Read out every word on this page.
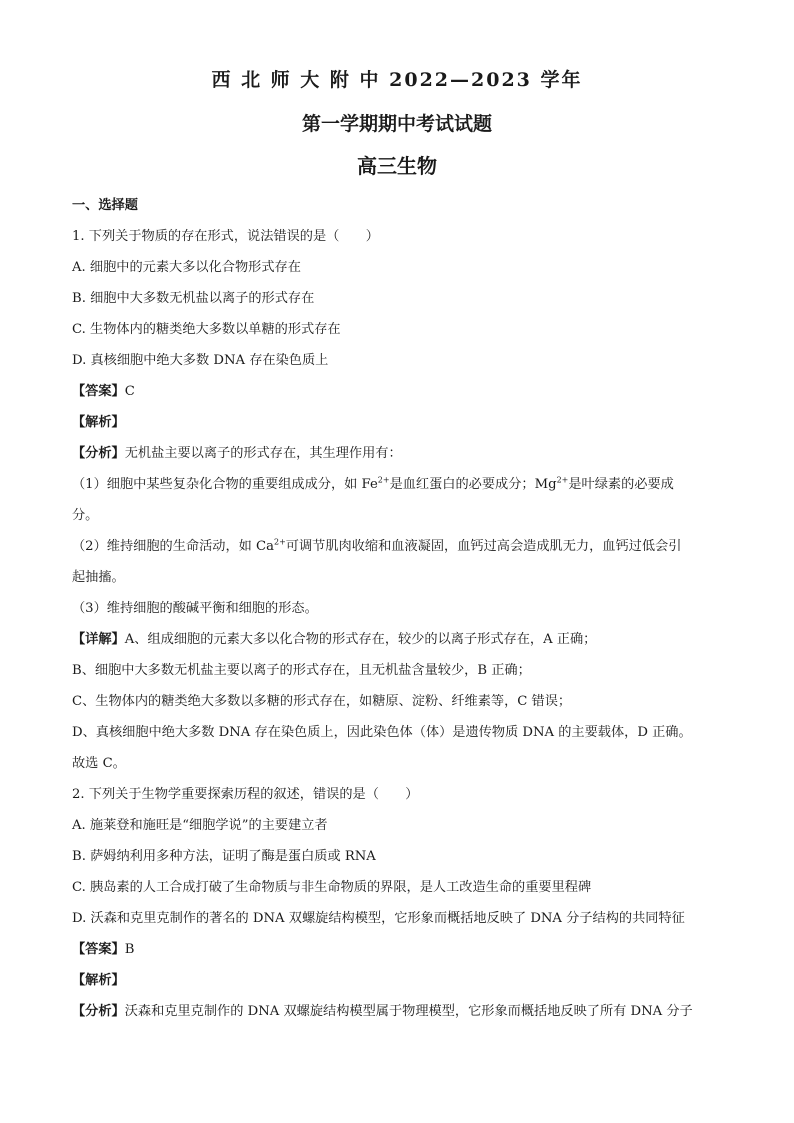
西 北 师 大 附 中 2022—2023 学年
第一学期期中考试试题
高三生物
一、选择题
1. 下列关于物质的存在形式，说法错误的是（　　）
A. 细胞中的元素大多以化合物形式存在
B. 细胞中大多数无机盐以离子的形式存在
C. 生物体内的糖类绝大多数以单糖的形式存在
D. 真核细胞中绝大多数 DNA 存在染色质上
【答案】C
【解析】
【分析】无机盐主要以离子的形式存在，其生理作用有：
（1）细胞中某些复杂化合物的重要组成成分，如 $Fe^{2+}$是血红蛋白的必要成分；$Mg^{2+}$是叶绿素的必要成
分。
（2）维持细胞的生命活动，如 $Ca^{2+}$可调节肌肉收缩和血液凝固，血钙过高会造成肌无力，血钙过低会引
起抽搐。
（3）维持细胞的酸碱平衡和细胞的形态。
【详解】A、组成细胞的元素大多以化合物的形式存在，较少的以离子形式存在，A 正确；
B、细胞中大多数无机盐主要以离子的形式存在，且无机盐含量较少，B 正确；
C、生物体内的糖类绝大多数以多糖的形式存在，如糖原、淀粉、纤维素等，C 错误；
D、真核细胞中绝大多数 DNA 存在染色质上，因此染色体（体）是遗传物质 DNA 的主要载体，D 正确。
故选 C。
2. 下列关于生物学重要探索历程的叙述，错误的是（　　）
A. 施莱登和施旺是“细胞学说”的主要建立者
B. 萨姆纳利用多种方法，证明了酶是蛋白质或 RNA
C. 胰岛素的人工合成打破了生命物质与非生命物质的界限，是人工改造生命的重要里程碑
D. 沃森和克里克制作的著名的 DNA 双螺旋结构模型，它形象而概括地反映了 DNA 分子结构的共同特征
【答案】B
【解析】
【分析】沃森和克里克制作的 DNA 双螺旋结构模型属于物理模型，它形象而概括地反映了所有 DNA 分子
